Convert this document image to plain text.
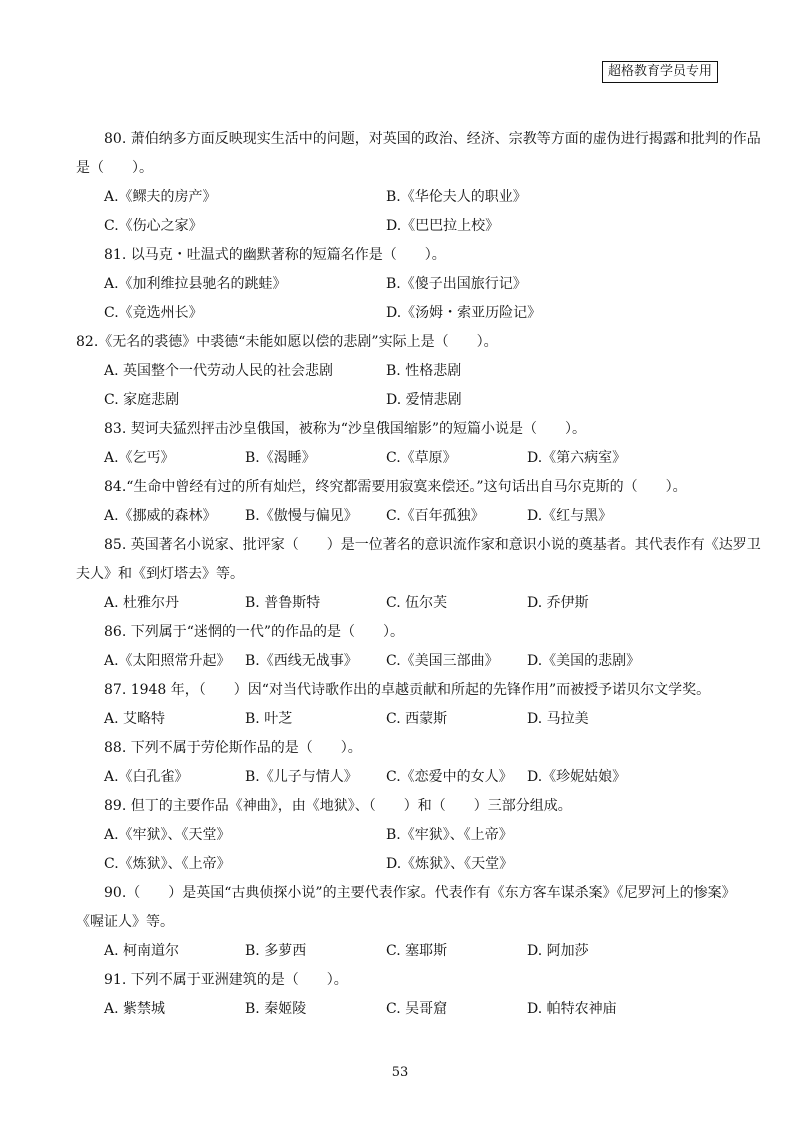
超格教育学员专用
80. 萧伯纳多方面反映现实生活中的问题，对英国的政治、经济、宗教等方面的虚伪进行揭露和批判的作品
是（　　）。
A.《鳏夫的房产》	B.《华伦夫人的职业》
C.《伤心之家》	D.《巴巴拉上校》
81. 以马克・吐温式的幽默著称的短篇名作是（　　）。
A.《加利维拉县驰名的跳蛙》	B.《傻子出国旅行记》
C.《竞选州长》	D.《汤姆・索亚历险记》
82.《无名的裘德》中裘德“未能如愿以偿的悲剧”实际上是（　　）。
A. 英国整个一代劳动人民的社会悲剧	B. 性格悲剧
C. 家庭悲剧	D. 爱情悲剧
83. 契诃夫猛烈抨击沙皇俄国，被称为“沙皇俄国缩影”的短篇小说是（　　）。
A.《乞丐》	B.《渴睡》	C.《草原》	D.《第六病室》
84.“生命中曾经有过的所有灿烂，终究都需要用寂寞来偿还。”这句话出自马尔克斯的（　　）。
A.《挪威的森林》 B.《傲慢与偏见》 C.《百年孤独》	D.《红与黑》
85. 英国著名小说家、批评家（　　）是一位著名的意识流作家和意识小说的奠基者。其代表作有《达罗卫
夫人》和《到灯塔去》等。
A. 杜雅尔丹	B. 普鲁斯特	C. 伍尔芙	D. 乔伊斯
86. 下列属于“迷惘的一代”的作品的是（　　）。
A.《太阳照常升起》 B.《西线无战事》 C.《美国三部曲》 D.《美国的悲剧》
87. 1948 年，（　　）因“对当代诗歌作出的卓越贡献和所起的先锋作用”而被授予诺贝尔文学奖。
A. 艾略特	B. 叶芝	C. 西蒙斯	D. 马拉美
88. 下列不属于劳伦斯作品的是（　　）。
A.《白孔雀》	B.《儿子与情人》 C.《恋爱中的女人》 D.《珍妮姑娘》
89. 但丁的主要作品《神曲》，由《地狱》、（　　）和（　　）三部分组成。
A.《牢狱》、《天堂》	B.《牢狱》、《上帝》
C.《炼狱》、《上帝》	D.《炼狱》、《天堂》
90.（　　）是英国“古典侦探小说”的主要代表作家。代表作有《东方客车谋杀案》《尼罗河上的惨案》
《喔证人》等。
A. 柯南道尔	B. 多萝西	C. 塞耶斯	D. 阿加莎
91. 下列不属于亚洲建筑的是（　　）。
A. 紫禁城	B. 秦姬陵	C. 吴哥窟	D. 帕特农神庙
53
